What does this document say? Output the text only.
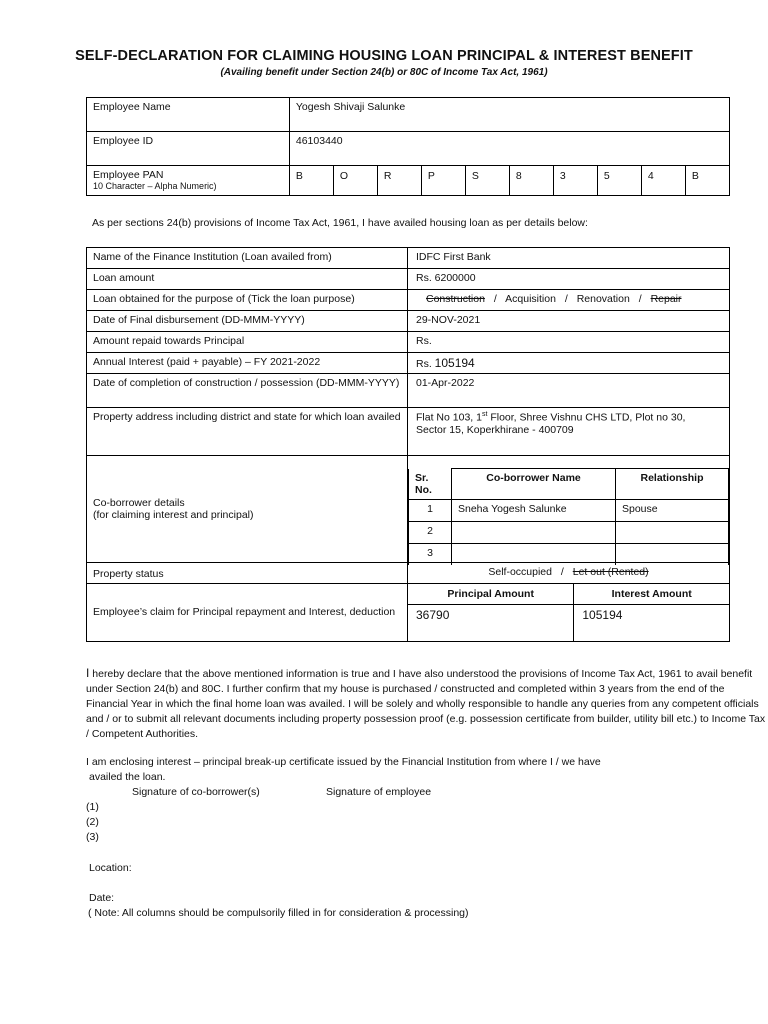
SELF-DECLARATION FOR CLAIMING HOUSING LOAN PRINCIPAL & INTEREST BENEFIT
(Availing benefit under Section 24(b) or 80C of Income Tax Act, 1961)
Employee Name	Yogesh Shivaji Salunke									
Employee ID	46103440									
Employee PAN
10 Character – Alpha Numeric)	B	O	R	P	S	8	3	5	4	B
As per sections 24(b) provisions of Income Tax Act, 1961, I have availed housing loan as per details below:
Name of the Finance Institution (Loan availed from)	IDFC First Bank
Loan amount	Rs. 6200000
Loan obtained for the purpose of (Tick the loan purpose)	Construction / Acquisition / Renovation / Repair
Date of Final disbursement (DD-MMM-YYYY)	29-NOV-2021
Amount repaid towards Principal	Rs.
Annual Interest (paid + payable) – FY 2021-2022	Rs. 105194
Date of completion of construction / possession (DD-MMM-YYYY)	01-Apr-2022
Property address including district and state for which loan availed	Flat No 103, 1st Floor, Shree Vishnu CHS LTD, Plot no 30,
Sector 15, Koperkhirane - 400709

Co-borrower details
(for claiming interest and principal)

Sr. No.	Co-borrower Name	Relationship
1	Sneha Yogesh Salunke	Spouse
2		
3		

Property status	Self-occupied / Let out (Rented)
Employee’s claim for Principal repayment and Interest, deduction	
Principal Amount	Interest Amount
36790	105194
I hereby declare that the above mentioned information is true and I have also understood the provisions of Income Tax Act, 1961 to avail benefit under Section 24(b) and 80C. I further confirm that my house is purchased / constructed and completed within 3 years from the end of the Financial Year in which the final home loan was availed. I will be solely and wholly responsible to handle any queries from any competent officials and / or to submit all relevant documents including property possession proof (e.g. possession certificate from builder, utility bill etc.) to Income Tax / Competent Authorities.
I am enclosing interest – principal break-up certificate issued by the Financial Institution from where I / we have
availed the loan.
Signature of co-borrower(s)	Signature of employee
(1)
(2)
(3)
Location:
Date:
( Note: All columns should be compulsorily filled in for consideration & processing)
